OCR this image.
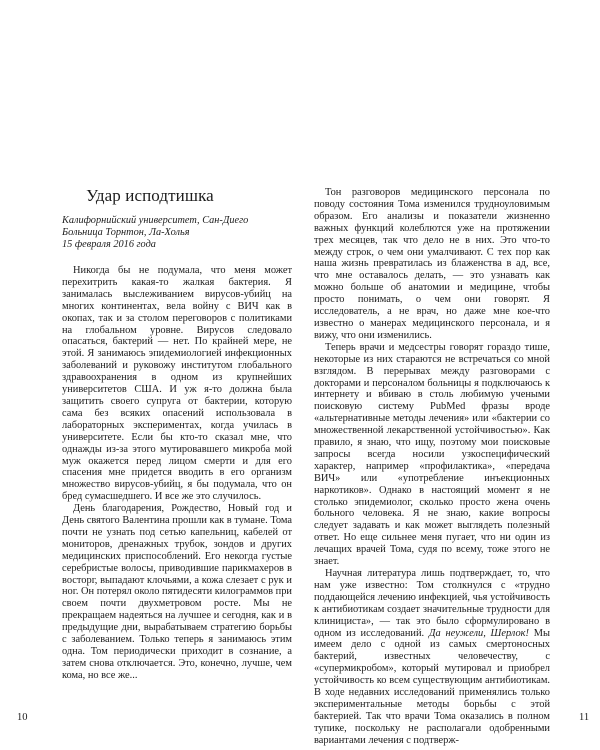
Удар исподтишка
Калифорнийский университет, Сан-Диего
Больница Торнтон, Ла-Холья
15 февраля 2016 года

Никогда бы не подумала, что меня может перехитрить какая-то жалкая бактерия. Я занималась выслеживанием вирусов-убийц на многих континентах, вела войну с ВИЧ как в окопах, так и за столом переговоров с политиками на глобальном уровне. Вирусов следовало опасаться, бактерий — нет. По крайней мере, не этой. Я занимаюсь эпидемиологией инфекционных заболеваний и руковожу институтом глобального здравоохранения в одном из крупнейших университетов США. И уж я-то должна была защитить своего супруга от бактерии, которую сама без всяких опасений использовала в лабораторных экспериментах, когда училась в университете. Если бы кто-то сказал мне, что однажды из-за этого мутировавшего микроба мой муж окажется перед лицом смерти и для его спасения мне придется вводить в его организм множество вирусов-убийц, я бы подумала, что он бред сумасшедшего. И все же это случилось.

День благодарения, Рождество, Новый год и День святого Валентина прошли как в тумане. Тома почти не узнать под сетью капельниц, кабелей от мониторов, дренажных трубок, зондов и других медицинских приспособлений. Его некогда густые серебристые волосы, приводившие парикмахеров в восторг, выпадают клочьями, а кожа слезает с рук и ног. Он потерял около пятидесяти килограммов при своем почти двухметровом росте. Мы не прекращаем надеяться на лучшее и сегодня, как и в предыдущие дни, вырабатываем стратегию борьбы с заболеванием. Только теперь я занимаюсь этим одна. Том периодически приходит в сознание, а затем снова отключается. Это, конечно, лучше, чем кома, но все же...

10

Тон разговоров медицинского персонала по поводу состояния Тома изменился трудноуловимым образом. Его анализы и показатели жизненно важных функций колеблются уже на протяжении трех месяцев, так что дело не в них. Это что-то между строк, о чем они умалчивают. С тех пор как наша жизнь превратилась из блаженства в ад, все, что мне оставалось делать, — это узнавать как можно больше об анатомии и медицине, чтобы просто понимать, о чем они говорят. Я исследователь, а не врач, но даже мне кое-что известно о манерах медицинского персонала, и я вижу, что они изменились.

Теперь врачи и медсестры говорят гораздо тише, некоторые из них стараются не встречаться со мной взглядом. В перерывах между разговорами с докторами и персоналом больницы я подключаюсь к интернету и вбиваю в столь любимую учеными поисковую систему PubMed фразы вроде «альтернативные методы лечения» или «бактерии со множественной лекарственной устойчивостью». Как правило, я знаю, что ищу, поэтому мои поисковые запросы всегда носили узкоспецифический характер, например «профилактика», «передача ВИЧ» или «употребление инъекционных наркотиков». Однако в настоящий момент я не столько эпидемиолог, сколько просто жена очень больного человека. Я не знаю, какие вопросы следует задавать и как может выглядеть полезный ответ. Но еще сильнее меня пугает, что ни один из лечащих врачей Тома, судя по всему, тоже этого не знает.

Научная литература лишь подтверждает, то, что нам уже известно: Том столкнулся с «трудно поддающейся лечению инфекцией, чья устойчивость к антибиотикам создает значительные трудности для клинициста», — так это было сформулировано в одном из исследований. Да неужели, Шерлок! Мы имеем дело с одной из самых смертоносных бактерий, известных человечеству, с «супермикробом», который мутировал и приобрел устойчивость ко всем существующим антибиотикам. В ходе недавних исследований применялись только экспериментальные методы борьбы с этой бактерией. Так что врачи Тома оказались в полном тупике, поскольку не располагали одобренными вариантами лечения с подтверж-

11
